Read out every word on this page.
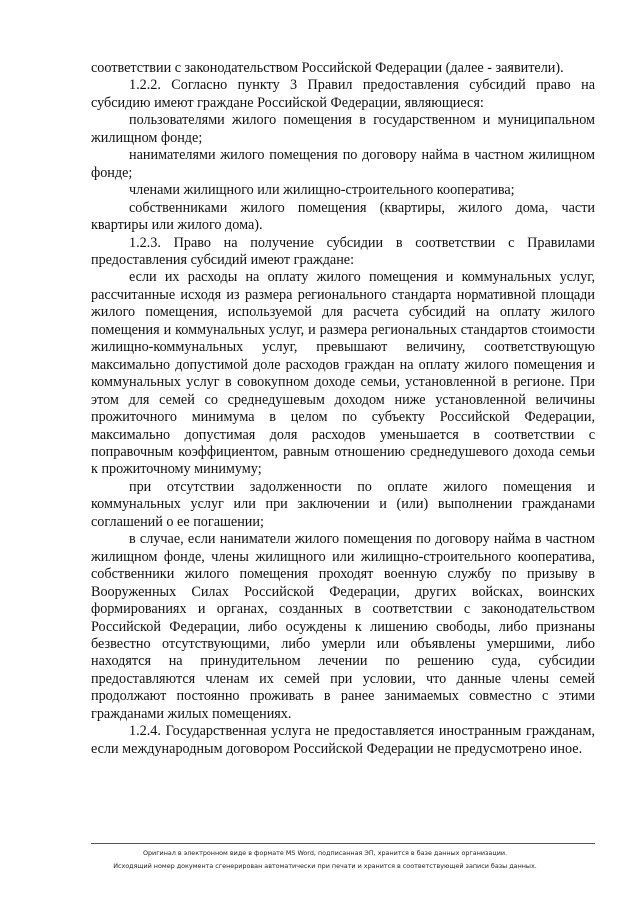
соответствии с законодательством Российской Федерации (далее - заявители).

1.2.2. Согласно пункту 3 Правил предоставления субсидий право на субсидию имеют граждане Российской Федерации, являющиеся:

пользователями жилого помещения в государственном и муниципальном жилищном фонде;

нанимателями жилого помещения по договору найма в частном жилищном фонде;

членами жилищного или жилищно-строительного кооператива;

собственниками жилого помещения (квартиры, жилого дома, части квартиры или жилого дома).

1.2.3. Право на получение субсидии в соответствии с Правилами предоставления субсидий имеют граждане:

если их расходы на оплату жилого помещения и коммунальных услуг, рассчитанные исходя из размера регионального стандарта нормативной площади жилого помещения, используемой для расчета субсидий на оплату жилого помещения и коммунальных услуг, и размера региональных стандартов стоимости жилищно-коммунальных услуг, превышают величину, соответствующую максимально допустимой доле расходов граждан на оплату жилого помещения и коммунальных услуг в совокупном доходе семьи, установленной в регионе. При этом для семей со среднедушевым доходом ниже установленной величины прожиточного минимума в целом по субъекту Российской Федерации, максимально допустимая доля расходов уменьшается в соответствии с поправочным коэффициентом, равным отношению среднедушевого дохода семьи к прожиточному минимуму;

при отсутствии задолженности по оплате жилого помещения и коммунальных услуг или при заключении и (или) выполнении гражданами соглашений о ее погашении;

в случае, если наниматели жилого помещения по договору найма в частном жилищном фонде, члены жилищного или жилищно-строительного кооператива, собственники жилого помещения проходят военную службу по призыву в Вооруженных Силах Российской Федерации, других войсках, воинских формированиях и органах, созданных в соответствии с законодательством Российской Федерации, либо осуждены к лишению свободы, либо признаны безвестно отсутствующими, либо умерли или объявлены умершими, либо находятся на принудительном лечении по решению суда, субсидии предоставляются членам их семей при условии, что данные члены семей продолжают постоянно проживать в ранее занимаемых совместно с этими гражданами жилых помещениях.

1.2.4. Государственная услуга не предоставляется иностранным гражданам, если международным договором Российской Федерации не предусмотрено иное.

Оригинал в электронном виде в формате MS Word, подписанная ЭП, хранится в базе данных организации.
Исходящий номер документа сгенерирован автоматически при печати и хранится в соответствующей записи базы данных.
